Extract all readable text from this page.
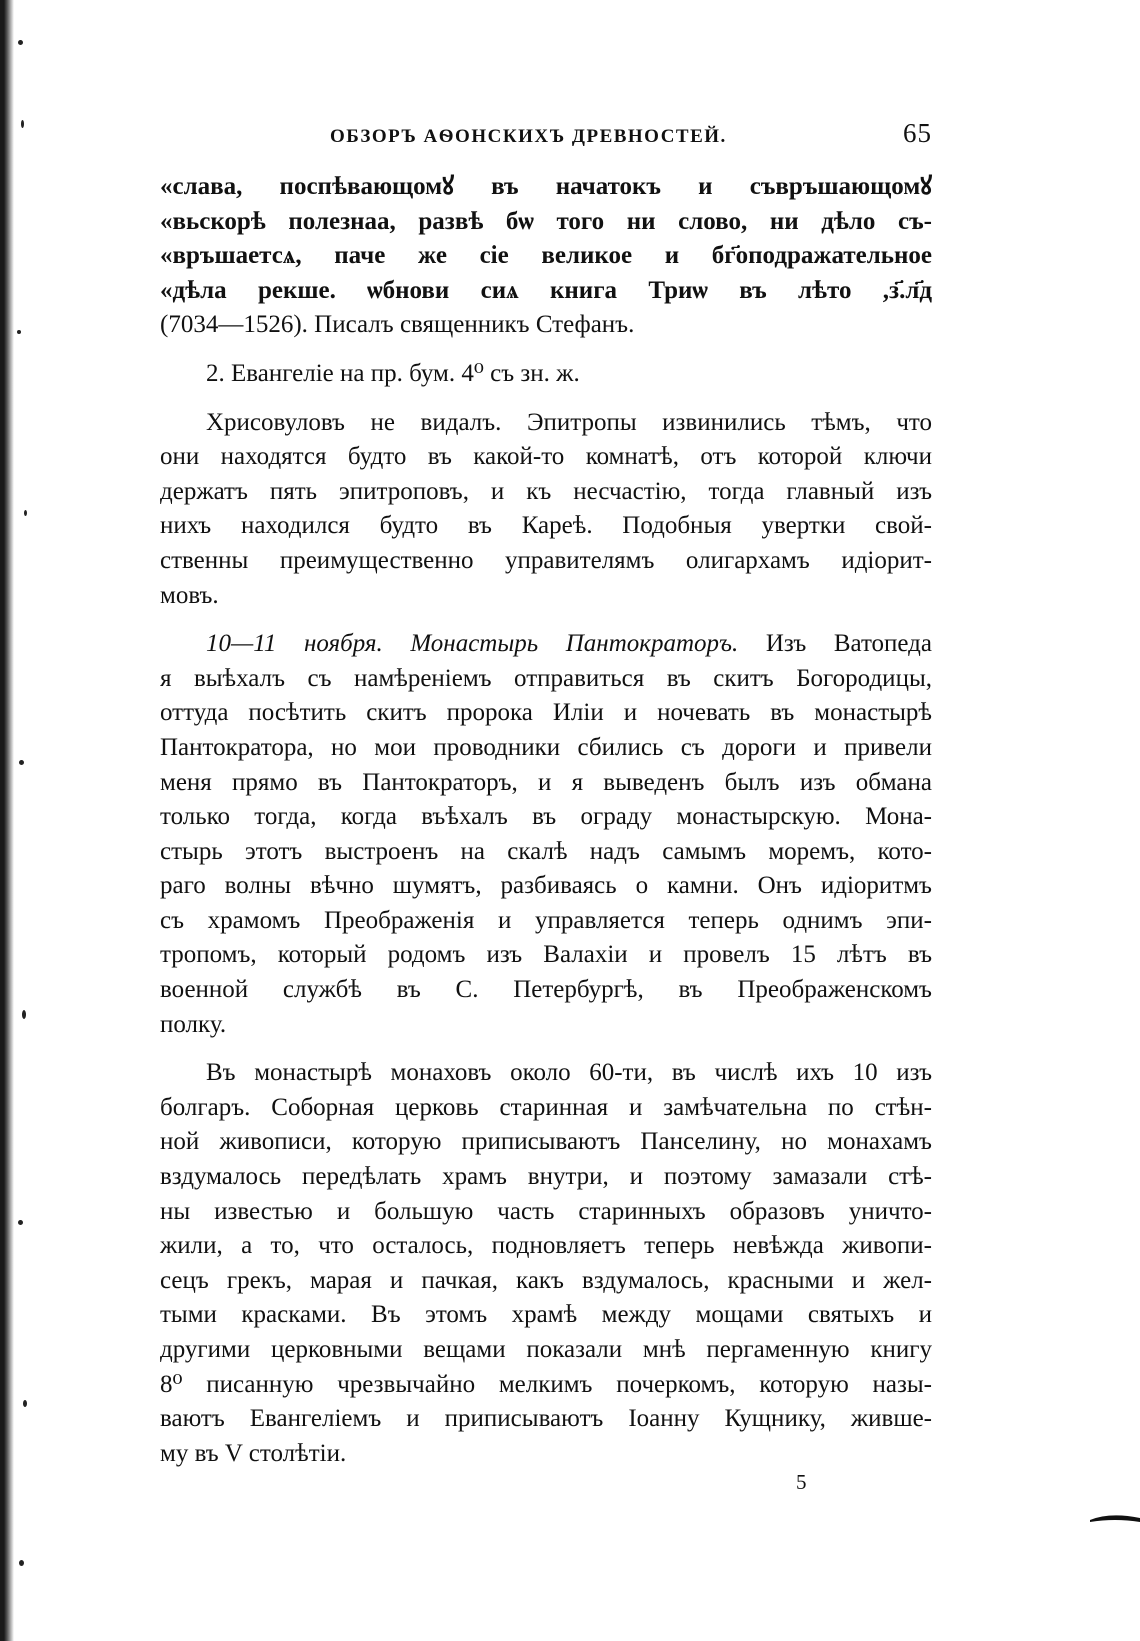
ОБЗОРЪ АѲОНСКИХЪ ДРЕВНОСТЕЙ.	65
«слава, поспѣвающомꙋ въ начатокъ и съвръшающомꙋ
«вьскорѣ полезнаа, развѣ бѡ того ни слово, ни дѣло съ-
«връшаетсѧ, паче же сіе великое и бг҃оподражательное
«дѣла рекше. ѡбнови сиѧ книга Триѡ въ лѣто ,з҃.л҃д
(7034—1526). Писалъ священникъ Стефанъ.
2. Евангеліе на пр. бум. 4⁰ съ зн. ж.
Хрисовуловъ не видалъ. Эпитропы извинились тѣмъ, что
они находятся будто въ какой-то комнатѣ, отъ которой ключи
держатъ пять эпитроповъ, и къ несчастію, тогда главный изъ
нихъ находился будто въ Кареѣ. Подобныя увертки свой-
ственны преимущественно управителямъ олигархамъ идіорит-
мовъ.
10—11 ноября. Монастырь Пантократоръ. Изъ Ватопеда
я выѣхалъ съ намѣреніемъ отправиться въ скитъ Богородицы,
оттуда посѣтить скитъ пророка Иліи и ночевать въ монастырѣ
Пантократора, но мои проводники сбились съ дороги и привели
меня прямо въ Пантократоръ, и я выведенъ былъ изъ обмана
только тогда, когда въѣхалъ въ ограду монастырскую. Мона-
стырь этотъ выстроенъ на скалѣ надъ самымъ моремъ, кото-
раго волны вѣчно шумятъ, разбиваясь о камни. Онъ идіоритмъ
съ храмомъ Преображенія и управляется теперь однимъ эпи-
тропомъ, который родомъ изъ Валахіи и провелъ 15 лѣтъ въ
военной службѣ въ С. Петербургѣ, въ Преображенскомъ
полку.
Въ монастырѣ монаховъ около 60-ти, въ числѣ ихъ 10 изъ
болгаръ. Соборная церковь старинная и замѣчательна по стѣн-
ной живописи, которую приписываютъ Панселину, но монахамъ
вздумалось передѣлать храмъ внутри, и поэтому замазали стѣ-
ны известью и большую часть старинныхъ образовъ уничто-
жили, а то, что осталось, подновляетъ теперь невѣжда живопи-
сецъ грекъ, марая и пачкая, какъ вздумалось, красными и жел-
тыми красками. Въ этомъ храмѣ между мощами святыхъ и
другими церковными вещами показали мнѣ пергаменную книгу
8⁰ писанную чрезвычайно мелкимъ почеркомъ, которую назы-
ваютъ Евангеліемъ и приписываютъ Іоанну Кущнику, жившe-
му въ V столѣтіи.
5
